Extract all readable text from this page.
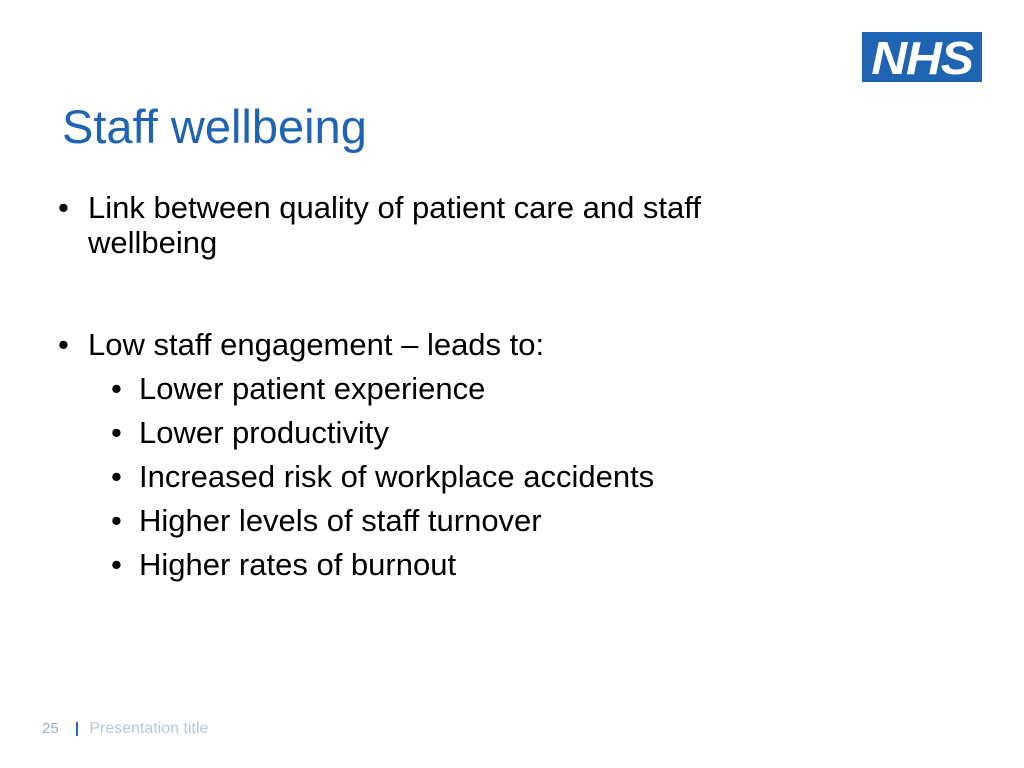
NHS
Staff wellbeing
• Link between quality of patient care and staff wellbeing
• Low staff engagement – leads to:
• Lower patient experience
• Lower productivity
• Increased risk of workplace accidents
• Higher levels of staff turnover
• Higher rates of burnout
25 | Presentation title
